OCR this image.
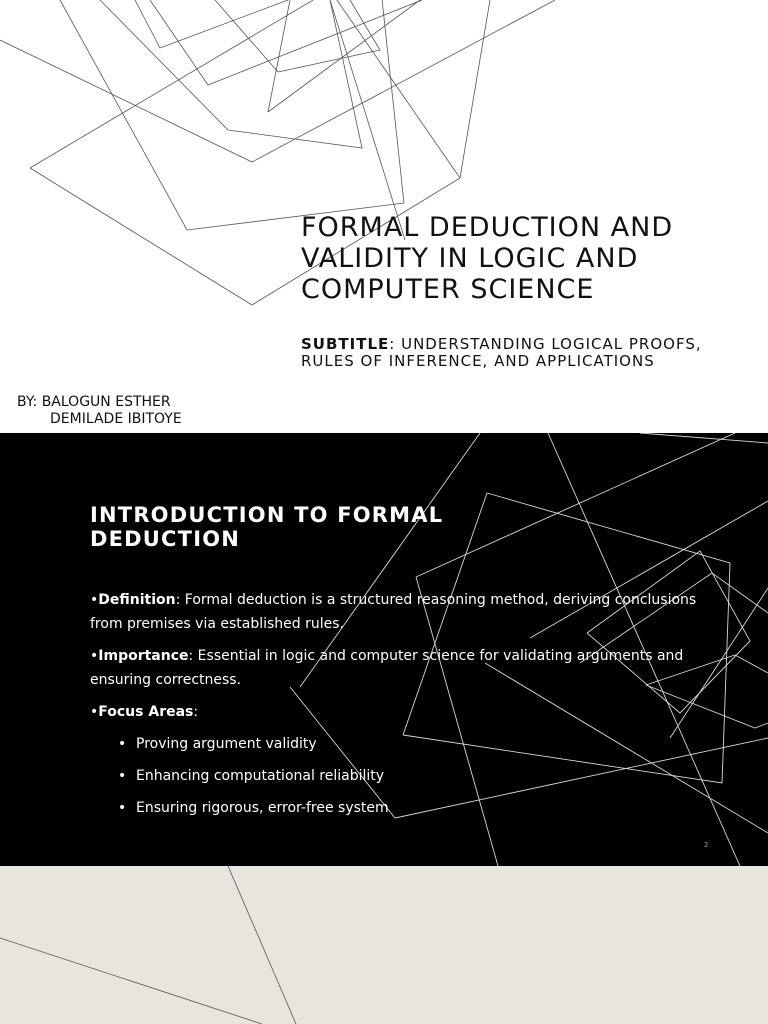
FORMAL DEDUCTION AND VALIDITY IN LOGIC AND COMPUTER SCIENCE
SUBTITLE: UNDERSTANDING LOGICAL PROOFS, RULES OF INFERENCE, AND APPLICATIONS
BY: BALOGUN ESTHER
DEMILADE IBITOYE
INTRODUCTION TO FORMAL DEDUCTION

•Definition: Formal deduction is a structured reasoning method, deriving conclusions from premises via established rules.

•Importance: Essential in logic and computer science for validating arguments and ensuring correctness.

•Focus Areas:

• Proving argument validity
• Enhancing computational reliability
• Ensuring rigorous, error-free system
2
